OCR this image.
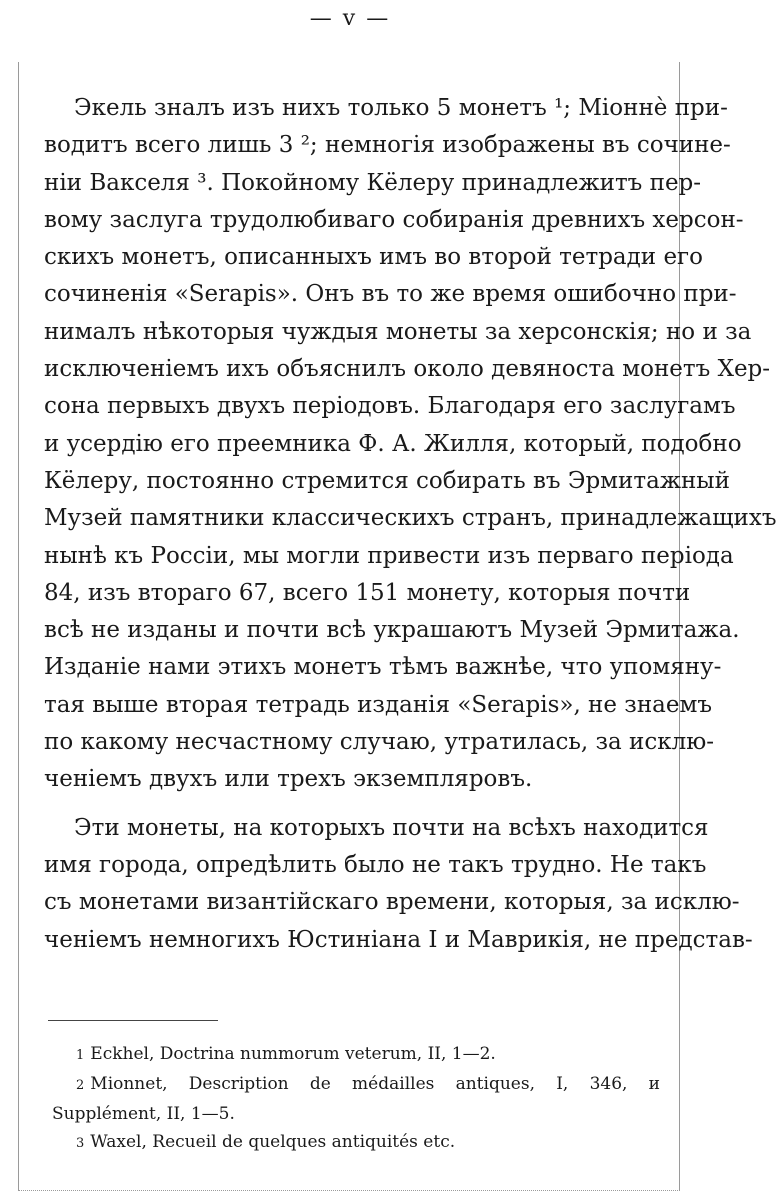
— v —

Экель зналъ изъ нихъ только 5 монетъ ¹; Міоннѐ при-

водитъ всего лишь 3 ²; немногія изображены въ сочине-

ніи Вакселя ³. Покойному Кёлеру принадлежитъ пер-

вому заслуга трудолюбиваго собиранія древнихъ херсон-

скихъ монетъ, описанныхъ имъ во второй тетради его

сочиненія «Serapis». Онъ въ то же время ошибочно при-

нималъ нѣкоторыя чуждыя монеты за херсонскія; но и за

исключеніемъ ихъ объяснилъ около девяноста монетъ Хер-

сона первыхъ двухъ періодовъ. Благодаря его заслугамъ

и усердію его преемника Ф. А. Жилля, который, подобно

Кёлеру, постоянно стремится собирать въ Эрмитажный

Музей памятники классическихъ странъ, принадлежащихъ

нынѣ къ Россіи, мы могли привести изъ перваго періода

84, изъ втораго 67, всего 151 монету, которыя почти

всѣ не изданы и почти всѣ украшаютъ Музей Эрмитажа.

Изданіе нами этихъ монетъ тѣмъ важнѣе, что упомяну-

тая выше вторая тетрадь изданія «Serapis», не знаемъ

по какому несчастному случаю, утратилась, за исклю-

ченіемъ двухъ или трехъ экземпляровъ.

Эти монеты, на которыхъ почти на всѣхъ находится

имя города, опредѣлить было не такъ трудно. Не такъ

съ монетами византійскаго времени, которыя, за исклю-

ченіемъ немногихъ Юстиніана I и Маврикія, не представ-

1 Eckhel, Doctrina nummorum veterum, II, 1—2.

2 Mionnet, Description de médailles antiques, I, 346, и

Supplément, II, 1—5.

3 Waxel, Recueil de quelques antiquités etc.
